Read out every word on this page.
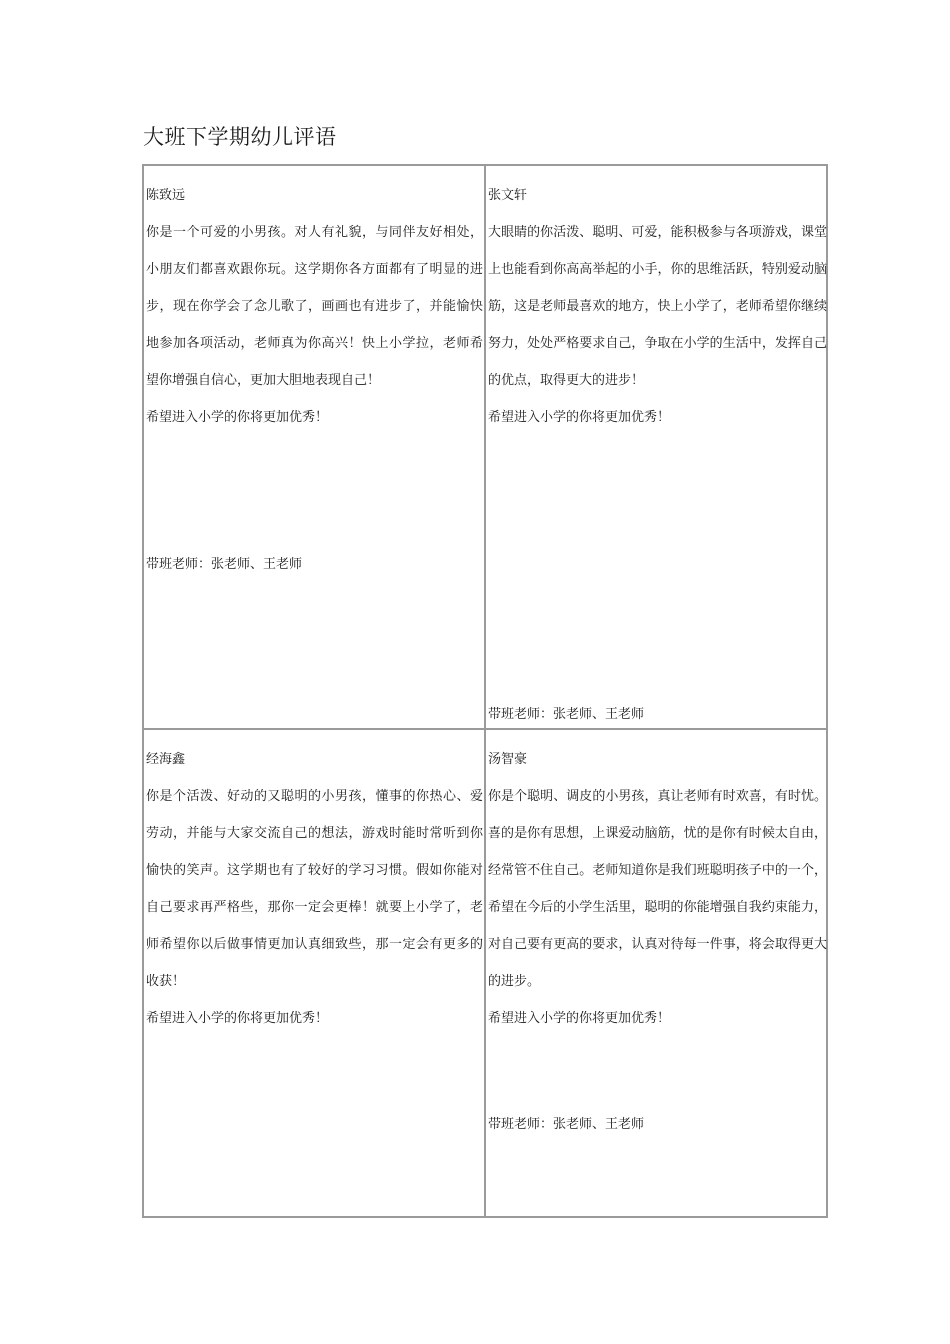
大班下学期幼儿评语
陈致远

你是一个可爱的小男孩。对人有礼貌，与同伴友好相处，小朋友们都喜欢跟你玩。这学期你各方面都有了明显的进步，现在你学会了念儿歌了，画画也有进步了，并能愉快地参加各项活动，老师真为你高兴！快上小学拉，老师希望你增强自信心，更加大胆地表现自己！

希望进入小学的你将更加优秀！
带班老师：张老师、王老师
张文轩

大眼睛的你活泼、聪明、可爱，能积极参与各项游戏，课堂上也能看到你高高举起的小手，你的思维活跃，特别爱动脑筋，这是老师最喜欢的地方，快上小学了，老师希望你继续努力，处处严格要求自己，争取在小学的生活中，发挥自己的优点，取得更大的进步！

希望进入小学的你将更加优秀！
带班老师：张老师、王老师
经海鑫

你是个活泼、好动的又聪明的小男孩，懂事的你热心、爱劳动，并能与大家交流自己的想法，游戏时能时常听到你愉快的笑声。这学期也有了较好的学习习惯。假如你能对自己要求再严格些，那你一定会更棒！就要上小学了，老师希望你以后做事情更加认真细致些，那一定会有更多的收获！

希望进入小学的你将更加优秀！
汤智豪

你是个聪明、调皮的小男孩，真让老师有时欢喜，有时忧。喜的是你有思想，上课爱动脑筋，忧的是你有时候太自由，经常管不住自己。老师知道你是我们班聪明孩子中的一个，希望在今后的小学生活里，聪明的你能增强自我约束能力，对自己要有更高的要求，认真对待每一件事，将会取得更大的进步。

希望进入小学的你将更加优秀！
带班老师：张老师、王老师
